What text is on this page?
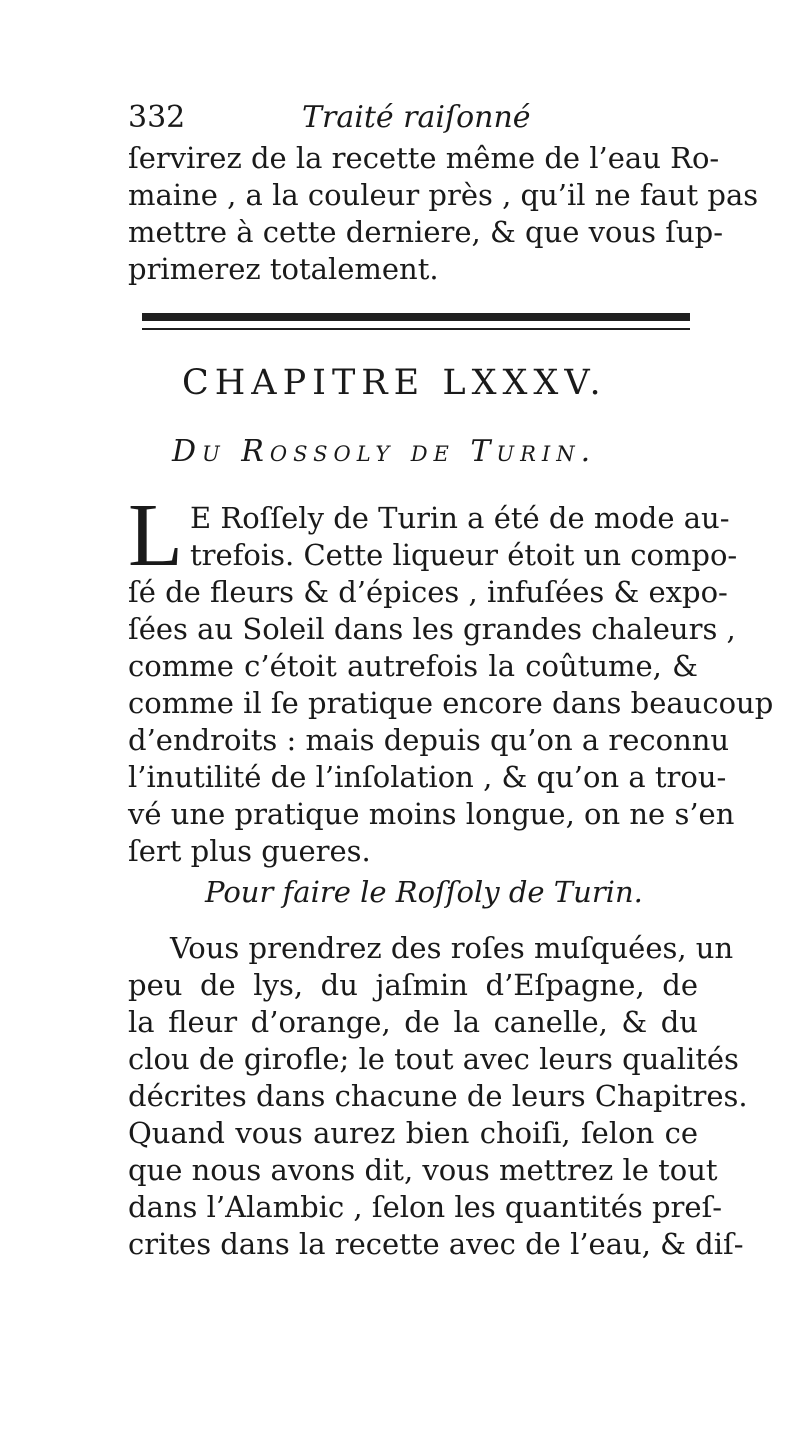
332	Traité raiſonné
ſervirez de la recette même de l’eau Ro-
maine , a la couleur près , qu’il ne faut pas
mettre à cette derniere, & que vous ſup-
primerez totalement.
CHAPITRE LXXXV.
Du Rossoly de Turin.
L E Roſſely de Turin a été de mode au-
trefois. Cette liqueur étoit un compo-
ſé de fleurs & d’épices , infuſées & expo-
ſées au Soleil dans les grandes chaleurs ,
comme c’étoit autrefois la coûtume, &
comme il ſe pratique encore dans beaucoup
d’endroits : mais depuis qu’on a reconnu
l’inutilité de l’inſolation , & qu’on a trou-
vé une pratique moins longue, on ne s’en
ſert plus gueres.
Pour faire le Roſſoly de Turin.
Vous prendrez des roſes muſquées, un
peu de lys, du jaſmin d’Eſpagne, de
la fleur d’orange, de la canelle, & du
clou de girofle; le tout avec leurs qualités
décrites dans chacune de leurs Chapitres.
Quand vous aurez bien choiſi, ſelon ce
que nous avons dit, vous mettrez le tout
dans l’Alambic , ſelon les quantités preſ-
crites dans la recette avec de l’eau, & diſ-
